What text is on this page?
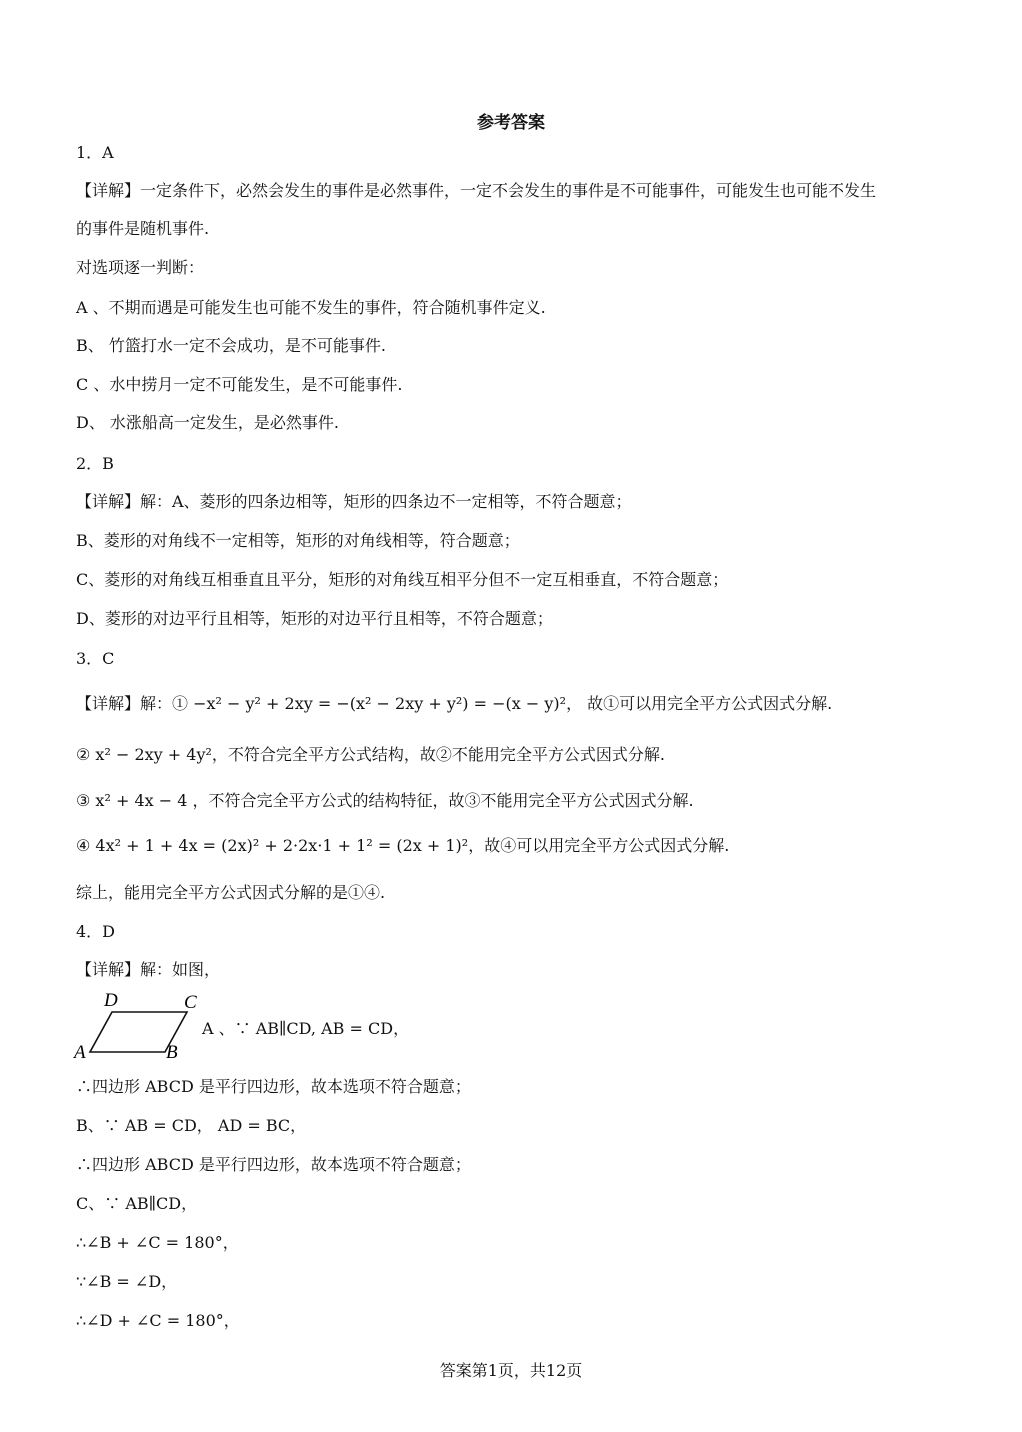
参考答案
1．A
【详解】一定条件下，必然会发生的事件是必然事件，一定不会发生的事件是不可能事件，可能发生也可能不发生
的事件是随机事件.
对选项逐一判断：
A 、不期而遇是可能发生也可能不发生的事件，符合随机事件定义.
B、 竹篮打水一定不会成功，是不可能事件.
C 、水中捞月一定不可能发生，是不可能事件.
D、 水涨船高一定发生，是必然事件.
2．B
【详解】解：A、菱形的四条边相等，矩形的四条边不一定相等，不符合题意；
B、菱形的对角线不一定相等，矩形的对角线相等，符合题意；
C、菱形的对角线互相垂直且平分，矩形的对角线互相平分但不一定互相垂直，不符合题意；
D、菱形的对边平行且相等，矩形的对边平行且相等，不符合题意；
3．C
【详解】解：① −x² − y² + 2xy = −(x² − 2xy + y²) = −(x − y)²， 故①可以用完全平方公式因式分解.
② x² − 2xy + 4y²，不符合完全平方公式结构，故②不能用完全平方公式因式分解.
③ x² + 4x − 4 ，不符合完全平方公式的结构特征，故③不能用完全平方公式因式分解.
④ 4x² + 1 + 4x = (2x)² + 2·2x·1 + 1² = (2x + 1)²，故④可以用完全平方公式因式分解.
综上，能用完全平方公式因式分解的是①④.
4．D
【详解】解：如图，
D	C
A	B
A 、∵ AB∥CD, AB = CD，
∴四边形 ABCD 是平行四边形，故本选项不符合题意；
B、∵ AB = CD， AD = BC，
∴四边形 ABCD 是平行四边形，故本选项不符合题意；
C、∵ AB∥CD，
∴∠B + ∠C = 180°，
∵∠B = ∠D，
∴∠D + ∠C = 180°，
答案第1页，共12页
